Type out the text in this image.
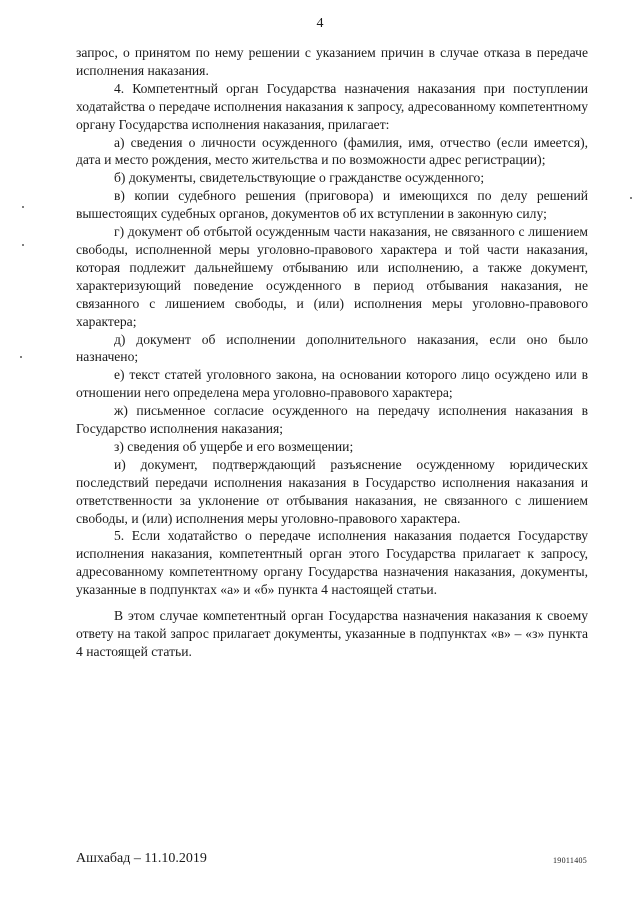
4

запрос, о принятом по нему решении с указанием причин в случае отказа в передаче исполнения наказания.

4. Компетентный орган Государства назначения наказания при поступлении ходатайства о передаче исполнения наказания к запросу, адресованному компетентному органу Государства исполнения наказания, прилагает:

а) сведения о личности осужденного (фамилия, имя, отчество (если имеется), дата и место рождения, место жительства и по возможности адрес регистрации);

б) документы, свидетельствующие о гражданстве осужденного;

в) копии судебного решения (приговора) и имеющихся по делу решений вышестоящих судебных органов, документов об их вступлении в законную силу;

г) документ об отбытой осужденным части наказания, не связанного с лишением свободы, исполненной меры уголовно-правового характера и той части наказания, которая подлежит дальнейшему отбыванию или исполнению, а также документ, характеризующий поведение осужденного в период отбывания наказания, не связанного с лишением свободы, и (или) исполнения меры уголовно-правового характера;

д) документ об исполнении дополнительного наказания, если оно было назначено;

е) текст статей уголовного закона, на основании которого лицо осуждено или в отношении него определена мера уголовно-правового характера;

ж) письменное согласие осужденного на передачу исполнения наказания в Государство исполнения наказания;

з) сведения об ущербе и его возмещении;

и) документ, подтверждающий разъяснение осужденному юридических последствий передачи исполнения наказания в Государство исполнения наказания и ответственности за уклонение от отбывания наказания, не связанного с лишением свободы, и (или) исполнения меры уголовно-правового характера.

5. Если ходатайство о передаче исполнения наказания подается Государству исполнения наказания, компетентный орган этого Государства прилагает к запросу, адресованному компетентному органу Государства назначения наказания, документы, указанные в подпунктах «а» и «б» пункта 4 настоящей статьи.

В этом случае компетентный орган Государства назначения наказания к своему ответу на такой запрос прилагает документы, указанные в подпунктах «в» – «з» пункта 4 настоящей статьи.

Ашхабад – 11.10.2019	19011405
